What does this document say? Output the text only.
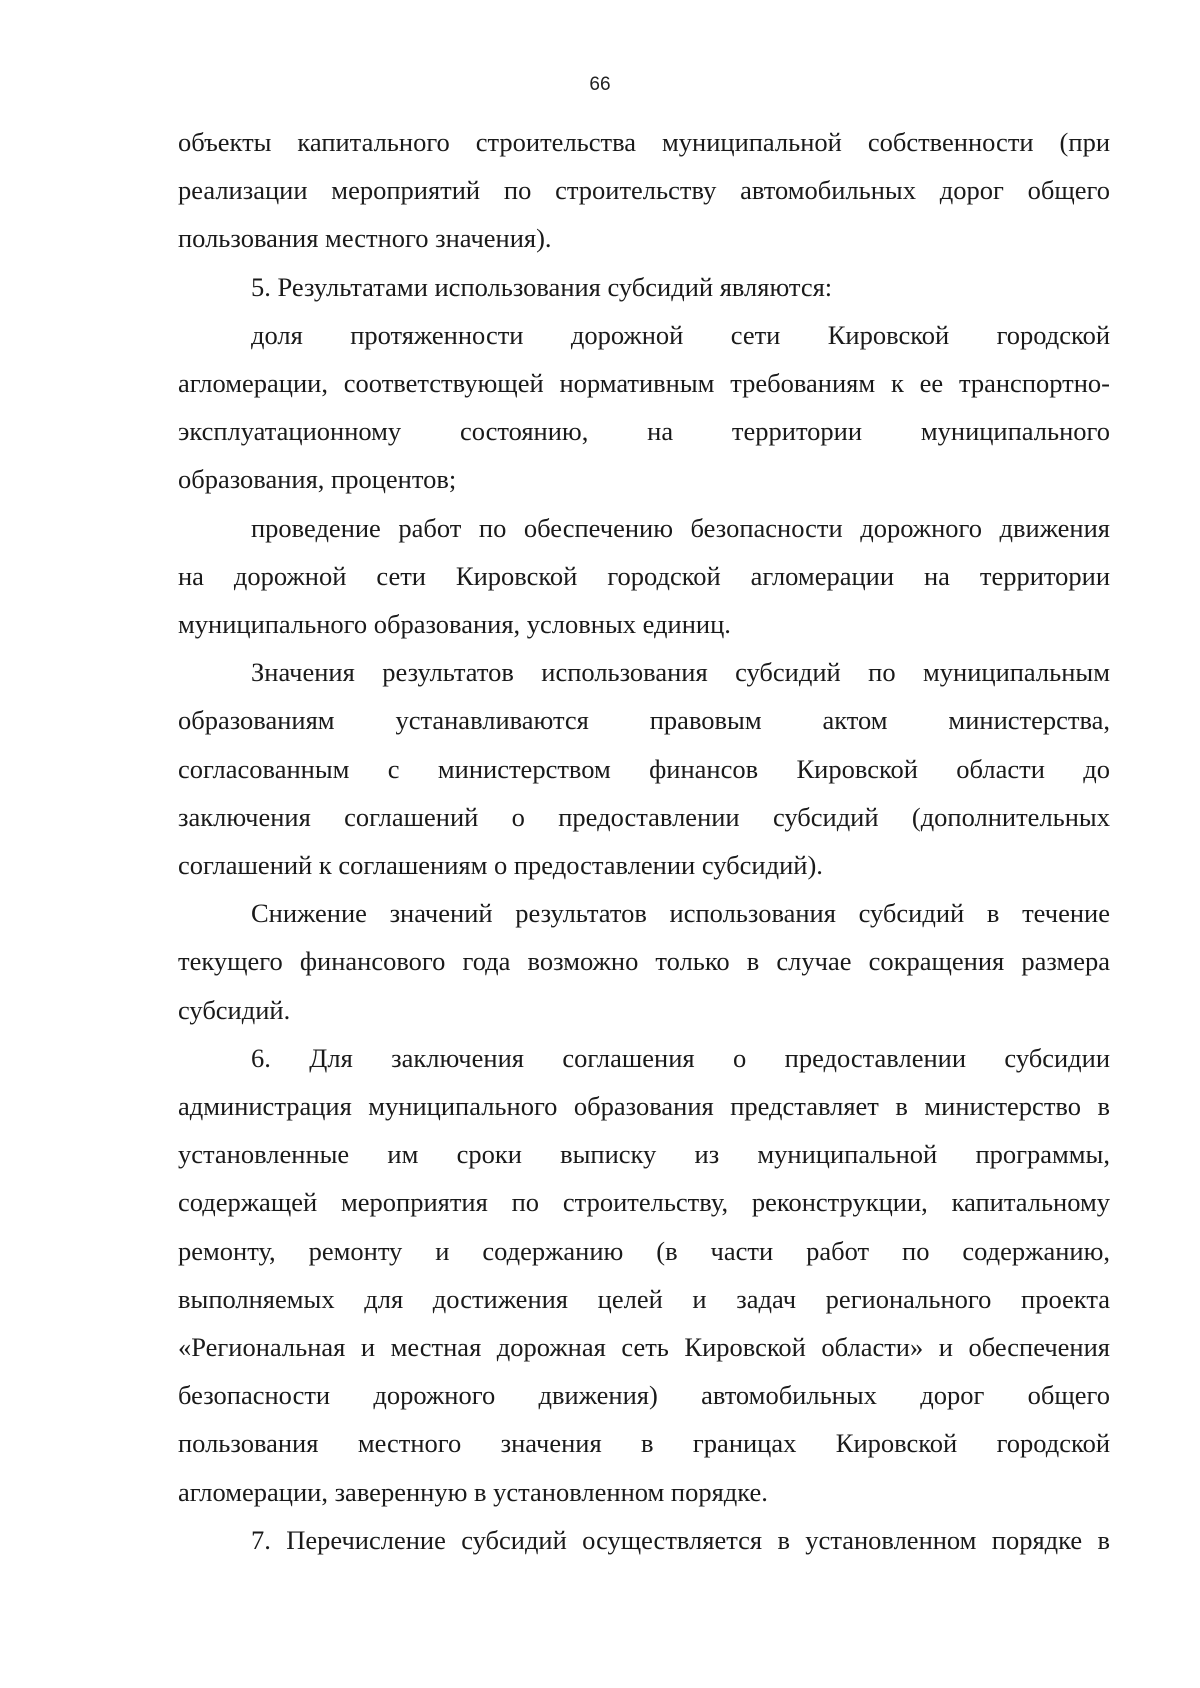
66
объекты капитального строительства муниципальной собственности (при
реализации мероприятий по строительству автомобильных дорог общего
пользования местного значения).
5. Результатами использования субсидий являются:
доля протяженности дорожной сети Кировской городской
агломерации, соответствующей нормативным требованиям к ее транспортно-
эксплуатационному состоянию, на территории муниципального
образования, процентов;
проведение работ по обеспечению безопасности дорожного движения
на дорожной сети Кировской городской агломерации на территории
муниципального образования, условных единиц.
Значения результатов использования субсидий по муниципальным
образованиям устанавливаются правовым актом министерства,
согласованным с министерством финансов Кировской области до
заключения соглашений о предоставлении субсидий (дополнительных
соглашений к соглашениям о предоставлении субсидий).
Снижение значений результатов использования субсидий в течение
текущего финансового года возможно только в случае сокращения размера
субсидий.
6. Для заключения соглашения о предоставлении субсидии
администрация муниципального образования представляет в министерство в
установленные им сроки выписку из муниципальной программы,
содержащей мероприятия по строительству, реконструкции, капитальному
ремонту, ремонту и содержанию (в части работ по содержанию,
выполняемых для достижения целей и задач регионального проекта
«Региональная и местная дорожная сеть Кировской области» и обеспечения
безопасности дорожного движения) автомобильных дорог общего
пользования местного значения в границах Кировской городской
агломерации, заверенную в установленном порядке.
7. Перечисление субсидий осуществляется в установленном порядке в
